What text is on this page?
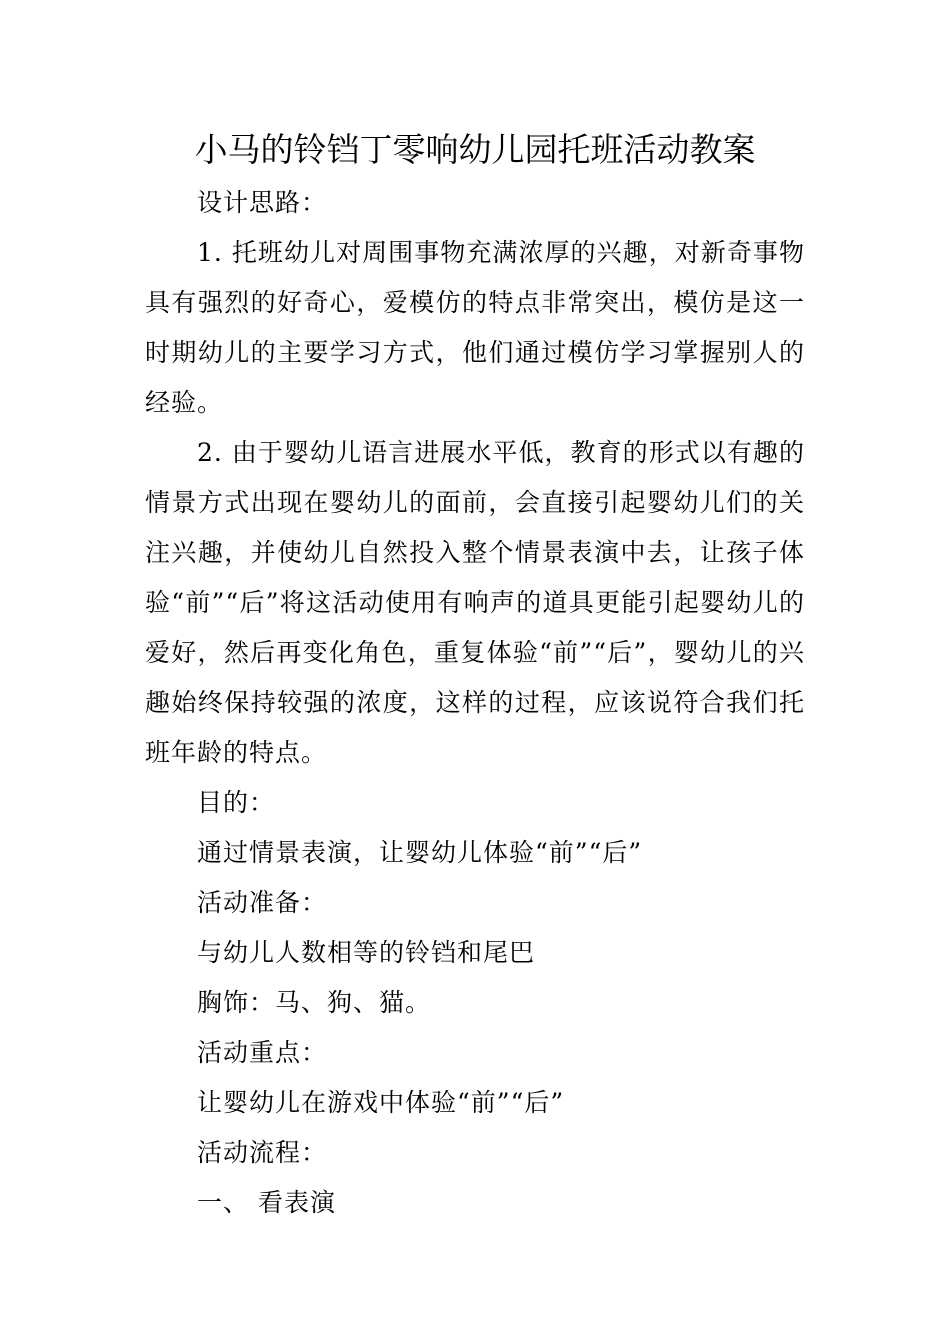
小马的铃铛丁零响幼儿园托班活动教案

设计思路：

1. 托班幼儿对周围事物充满浓厚的兴趣，对新奇事物具有强烈的好奇心，爱模仿的特点非常突出，模仿是这一时期幼儿的主要学习方式，他们通过模仿学习掌握别人的经验。

2. 由于婴幼儿语言进展水平低，教育的形式以有趣的情景方式出现在婴幼儿的面前，会直接引起婴幼儿们的关注兴趣，并使幼儿自然投入整个情景表演中去，让孩子体验“前”“后”将这活动使用有响声的道具更能引起婴幼儿的爱好，然后再变化角色，重复体验“前”“后”，婴幼儿的兴趣始终保持较强的浓度，这样的过程，应该说符合我们托班年龄的特点。

目的：

通过情景表演，让婴幼儿体验“前”“后”

活动准备：

与幼儿人数相等的铃铛和尾巴

胸饰：马、狗、猫。

活动重点：

让婴幼儿在游戏中体验“前”“后”

活动流程：

一、 看表演
